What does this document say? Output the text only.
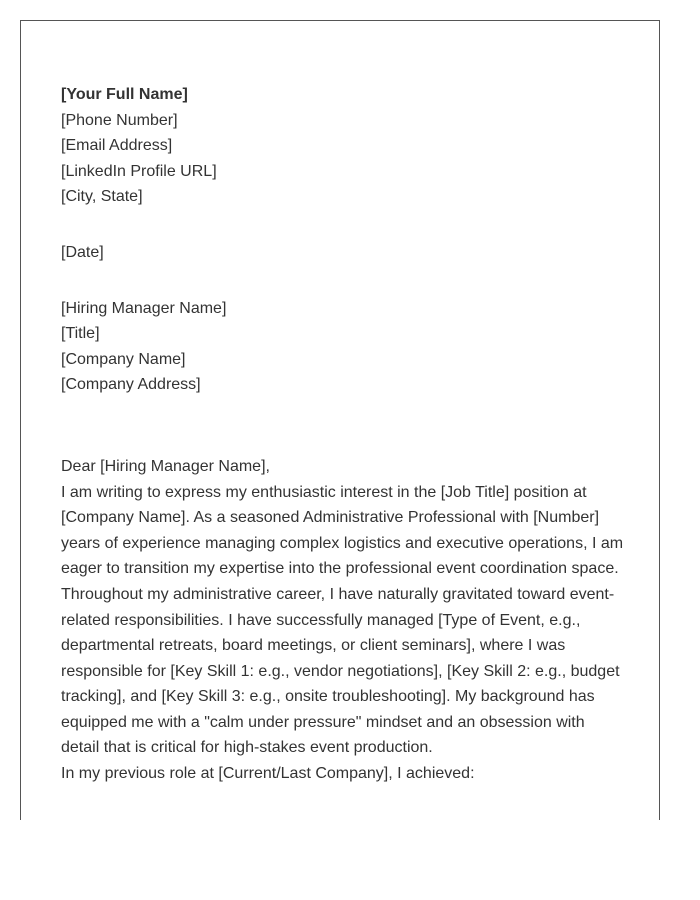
[Your Full Name]
[Phone Number]
[Email Address]
[LinkedIn Profile URL]
[City, State]
[Date]
[Hiring Manager Name]
[Title]
[Company Name]
[Company Address]
Dear [Hiring Manager Name],

I am writing to express my enthusiastic interest in the [Job Title] position at [Company Name]. As a seasoned Administrative Professional with [Number] years of experience managing complex logistics and executive operations, I am eager to transition my expertise into the professional event coordination space.

Throughout my administrative career, I have naturally gravitated toward event-related responsibilities. I have successfully managed [Type of Event, e.g., departmental retreats, board meetings, or client seminars], where I was responsible for [Key Skill 1: e.g., vendor negotiations], [Key Skill 2: e.g., budget tracking], and [Key Skill 3: e.g., onsite troubleshooting]. My background has equipped me with a "calm under pressure" mindset and an obsession with detail that is critical for high-stakes event production.

In my previous role at [Current/Last Company], I achieved:
